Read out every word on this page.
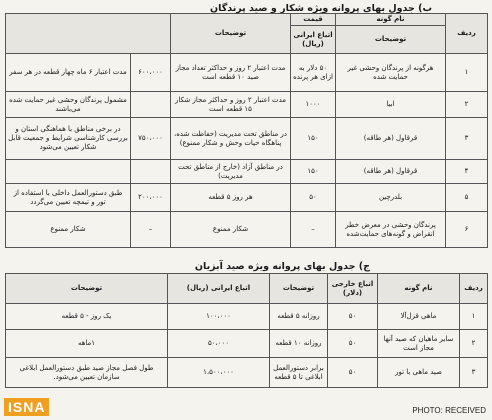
ب) جدول بهای پروانه ویژه شکار و صید پرندگان
ردیف	نام گونه	قیمت	توضیحات		
	توضیحات	اتباع ایرانی (ریال)			
۱	هرگونه از پرندگان وحشی غیر حمایت شده	۵۰ دلار به ازای هر پرنده	مدت اعتبار ۲ روز و حداکثر تعداد مجاز صید ۱۰ قطعه است	۶۰۰،۰۰۰	مدت اعتبار ۶ ماه چهار قطعه در هر سفر
۲	ابیا	۱۰۰۰	مدت اعتبار ۲ روز و حداکثر مجاز شکار ۱۵ قطعه است		مشمول پرندگان وحشی غیر حمایت شده می‌باشند
۳	قرقاول (هر طاقه)	۱۵۰	در مناطق تحت مدیریت (حفاظت شده، پناهگاه حیات وحش و شکار ممنوع)	۷۵۰،۰۰۰	در برخی مناطق با هماهنگی استان و بررسی کارشناسی شرایط و جمعیت قابل شکار تعیین می‌شود
۴	قرقاول (هر طاقه)	۱۵۰	در مناطق آزاد (خارج از مناطق تحت مدیریت)		
۵	بلدرچین	۵۰	هر روز ۵ قطعه	۲۰۰،۰۰۰	طبق دستورالعمل داخلی با استفاده از تور و تیمچه تعیین می‌گردد
۶	پرندگان وحشی در معرض خطر انقراض و گونه‌های حمایت‌شده	–	شکار ممنوع	–	شکار ممنوع
ج) جدول بهای پروانه ویژه صید آبزیان
ردیف	نام گونه	اتباع خارجی (دلار)	توضیحات	اتباع ایرانی (ریال)	توضیحات
۱	ماهی قزل‌آلا	۵۰	روزانه ۵ قطعه	۱۰۰،۰۰۰	یک روز - ۵ قطعه
۲	سایر ماهیان که صید آنها مجاز است	۵۰	روزانه ۱۰ قطعه	۵۰،۰۰۰	۱ماهه
۳	صید ماهی با تور	۵۰	برابر دستورالعمل ابلاغی تا ۵ قطعه	۱،۵۰۰،۰۰۰	طول فصل مجاز صید طبق دستورالعمل ابلاغی سازمان تعیین می‌شود.
ISNA	PHOTO: RECEIVED
